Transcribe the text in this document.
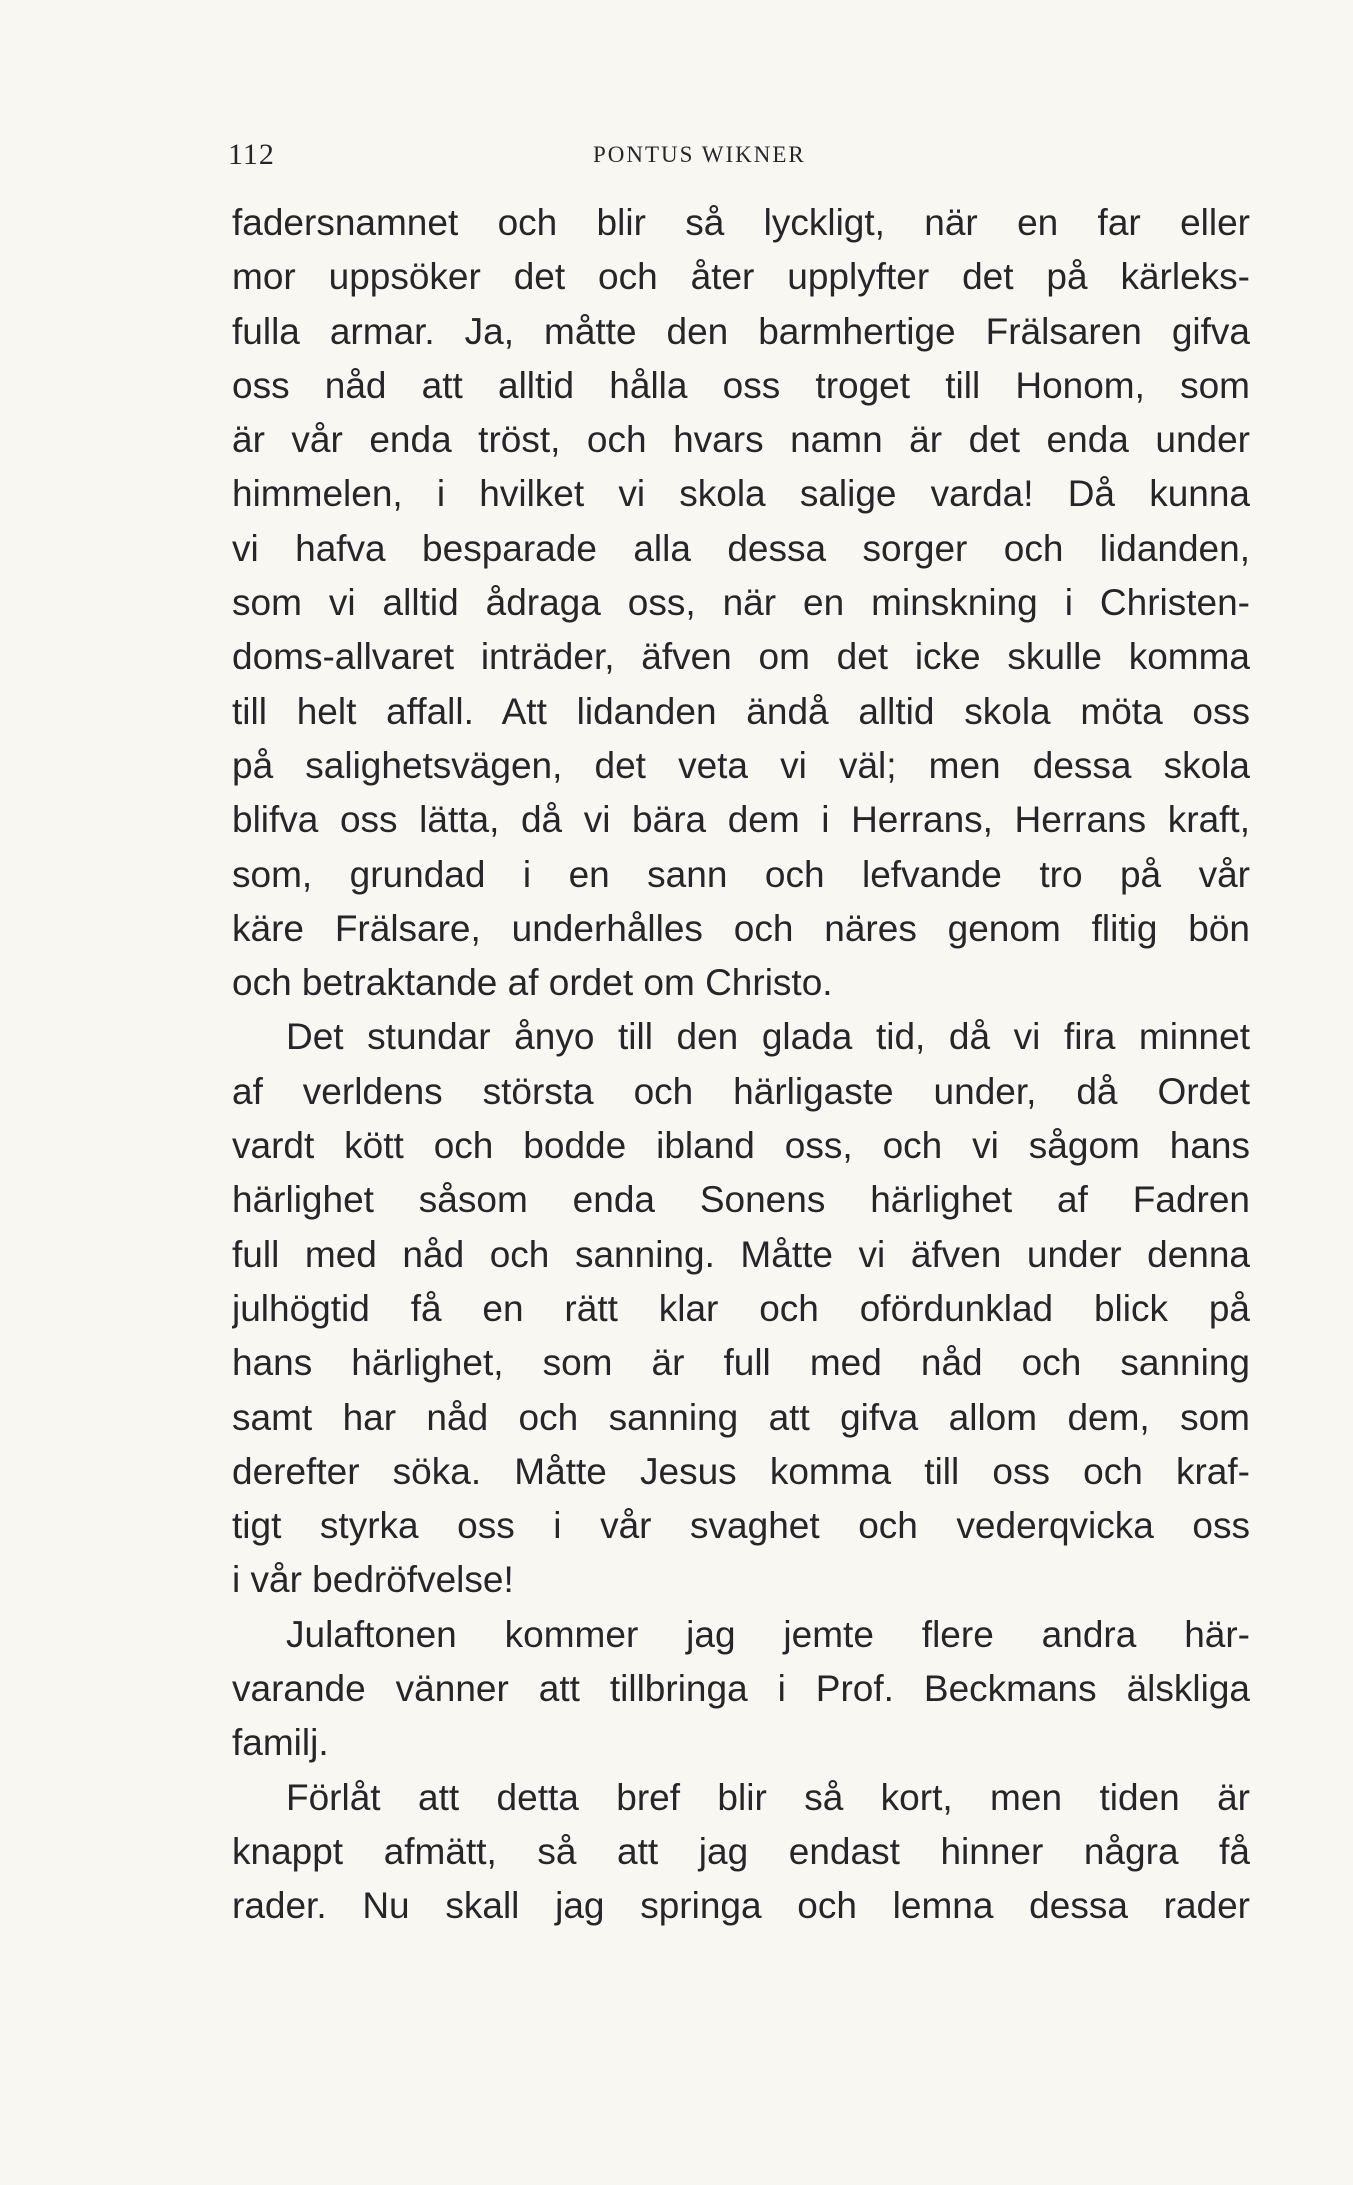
112	PONTUS WIKNER
fadersnamnet och blir så lyckligt, när en far eller
mor uppsöker det och åter upplyfter det på kärleks-
fulla armar. Ja, måtte den barmhertige Frälsaren gifva
oss nåd att alltid hålla oss troget till Honom, som
är vår enda tröst, och hvars namn är det enda under
himmelen, i hvilket vi skola salige varda! Då kunna
vi hafva besparade alla dessa sorger och lidanden,
som vi alltid ådraga oss, när en minskning i Christen-
doms-allvaret inträder, äfven om det icke skulle komma
till helt affall. Att lidanden ändå alltid skola möta oss
på salighetsvägen, det veta vi väl; men dessa skola
blifva oss lätta, då vi bära dem i Herrans, Herrans kraft,
som, grundad i en sann och lefvande tro på vår
käre Frälsare, underhålles och näres genom flitig bön
och betraktande af ordet om Christo.
Det stundar ånyo till den glada tid, då vi fira minnet
af verldens största och härligaste under, då Ordet
vardt kött och bodde ibland oss, och vi sågom hans
härlighet såsom enda Sonens härlighet af Fadren
full med nåd och sanning. Måtte vi äfven under denna
julhögtid få en rätt klar och ofördunklad blick på
hans härlighet, som är full med nåd och sanning
samt har nåd och sanning att gifva allom dem, som
derefter söka. Måtte Jesus komma till oss och kraf-
tigt styrka oss i vår svaghet och vederqvicka oss
i vår bedröfvelse!
Julaftonen kommer jag jemte flere andra här-
varande vänner att tillbringa i Prof. Beckmans älskliga
familj.
Förlåt att detta bref blir så kort, men tiden är
knappt afmätt, så att jag endast hinner några få
rader. Nu skall jag springa och lemna dessa rader
